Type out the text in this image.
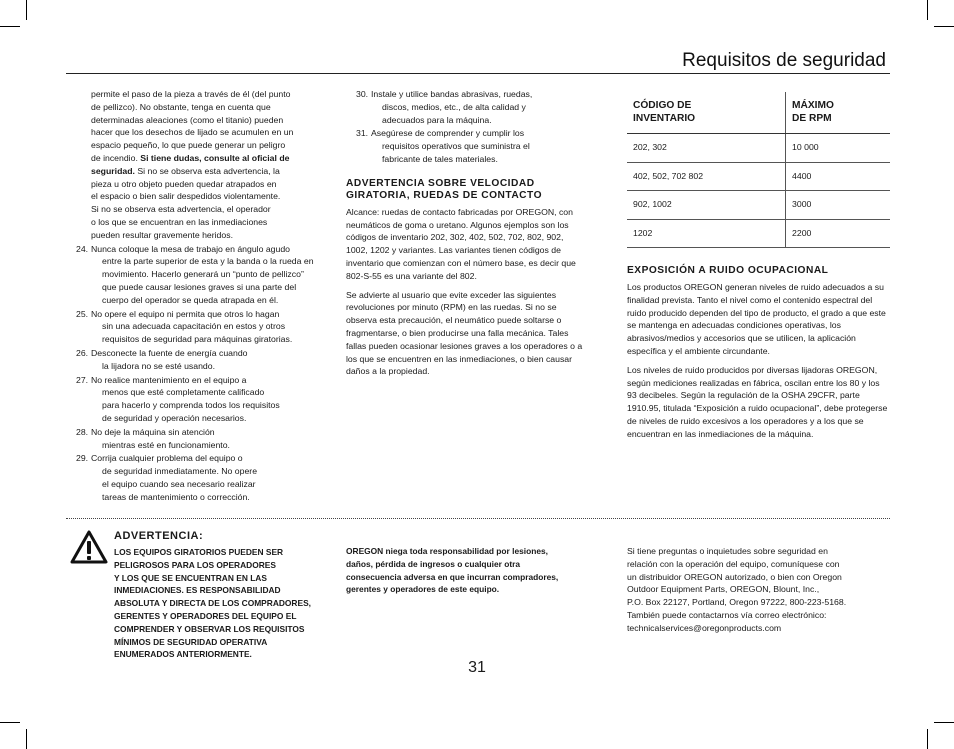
Requisitos de seguridad
permite el paso de la pieza a través de él (del punto
de pellizco). No obstante, tenga en cuenta que
determinadas aleaciones (como el titanio) pueden
hacer que los desechos de lijado se acumulen en un
espacio pequeño, lo que puede generar un peligro
de incendio. Si tiene dudas, consulte al oficial de seguridad. Si no se observa esta advertencia, la
pieza u otro objeto pueden quedar atrapados en
el espacio o bien salir despedidos violentamente.
Si no se observa esta advertencia, el operador
o los que se encuentran en las inmediaciones
pueden resultar gravemente heridos.
24. Nunca coloque la mesa de trabajo en ángulo agudo
entre la parte superior de esta y la banda o la rueda en
movimiento. Hacerlo generará un “punto de pellizco”
que puede causar lesiones graves si una parte del
cuerpo del operador se queda atrapada en él.
25. No opere el equipo ni permita que otros lo hagan
sin una adecuada capacitación en estos y otros
requisitos de seguridad para máquinas giratorias.
26. Desconecte la fuente de energía cuando
la lijadora no se esté usando.
27. No realice mantenimiento en el equipo a
menos que esté completamente calificado
para hacerlo y comprenda todos los requisitos
de seguridad y operación necesarios.
28. No deje la máquina sin atención
mientras esté en funcionamiento.
29. Corrija cualquier problema del equipo o
de seguridad inmediatamente. No opere
el equipo cuando sea necesario realizar
tareas de mantenimiento o corrección.
30. Instale y utilice bandas abrasivas, ruedas,
discos, medios, etc., de alta calidad y
adecuados para la máquina.
31. Asegúrese de comprender y cumplir los
requisitos operativos que suministra el
fabricante de tales materiales.
ADVERTENCIA SOBRE VELOCIDAD
GIRATORIA, RUEDAS DE CONTACTO

Alcance: ruedas de contacto fabricadas por OREGON, con neumáticos de goma o uretano. Algunos ejemplos son los códigos de inventario 202, 302, 402, 502, 702, 802, 902, 1002, 1202 y variantes. Las variantes tienen códigos de inventario que comienzan con el número base, es decir que 802-S-55 es una variante del 802.

Se advierte al usuario que evite exceder las siguientes revoluciones por minuto (RPM) en las ruedas. Si no se observa esta precaución, el neumático puede soltarse o fragmentarse, o bien producirse una falla mecánica. Tales fallas pueden ocasionar lesiones graves a los operadores o a los que se encuentren en las inmediaciones, o bien causar daños a la propiedad.

CÓDIGO DE
INVENTARIO	MÁXIMO
DE RPM
202, 302	10 000
402, 502, 702 802	4400
902, 1002	3000
1202	2200
EXPOSICIÓN A RUIDO OCUPACIONAL

Los productos OREGON generan niveles de ruido adecuados a su finalidad prevista. Tanto el nivel como el contenido espectral del ruido producido dependen del tipo de producto, el grado a que este se mantenga en adecuadas condiciones operativas, los abrasivos/medios y accesorios que se utilicen, la aplicación específica y el ambiente circundante.

Los niveles de ruido producidos por diversas lijadoras OREGON, según mediciones realizadas en fábrica, oscilan entre los 80 y los 93 decibeles. Según la regulación de la OSHA 29CFR, parte 1910.95, titulada “Exposición a ruido ocupacional”, debe protegerse de niveles de ruido excesivos a los operadores y a los que se encuentran en las inmediaciones de la máquina.

ADVERTENCIA:
LOS EQUIPOS GIRATORIOS PUEDEN SER
PELIGROSOS PARA LOS OPERADORES
Y LOS QUE SE ENCUENTRAN EN LAS
INMEDIACIONES. ES RESPONSABILIDAD
ABSOLUTA Y DIRECTA DE LOS COMPRADORES,
GERENTES Y OPERADORES DEL EQUIPO EL
COMPRENDER Y OBSERVAR LOS REQUISITOS
MÍNIMOS DE SEGURIDAD OPERATIVA
ENUMERADOS ANTERIORMENTE.
OREGON niega toda responsabilidad por lesiones,
daños, pérdida de ingresos o cualquier otra
consecuencia adversa en que incurran compradores,
gerentes y operadores de este equipo.
Si tiene preguntas o inquietudes sobre seguridad en
relación con la operación del equipo, comuníquese con
un distribuidor OREGON autorizado, o bien con Oregon
Outdoor Equipment Parts, OREGON, Blount, Inc.,
P.O. Box 22127, Portland, Oregon 97222, 800-223-5168.
También puede contactarnos vía correo electrónico:
technicalservices@oregonproducts.com
31
